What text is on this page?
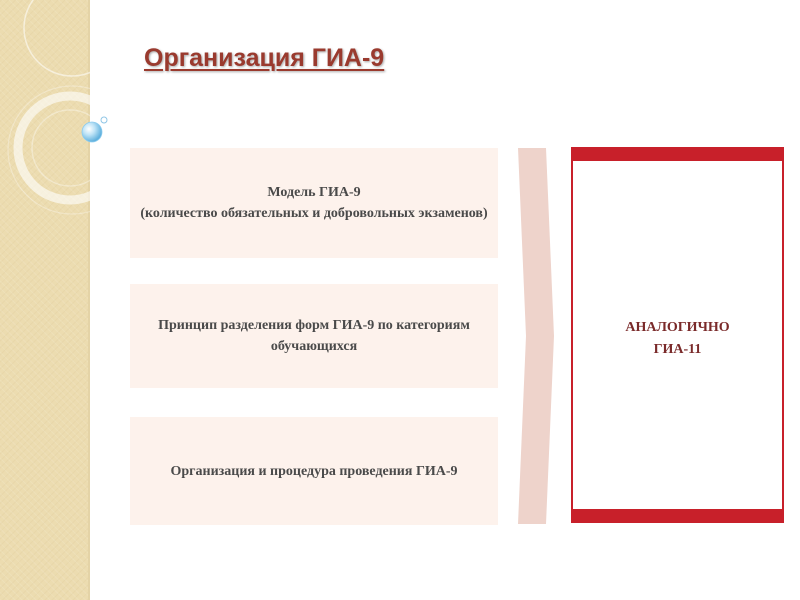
Организация ГИА-9
Модель ГИА-9
(количество обязательных и добровольных экзаменов)
Принцип разделения форм ГИА-9 по категориям обучающихся
Организация и процедура проведения ГИА-9
АНАЛОГИЧНО
ГИА-11
